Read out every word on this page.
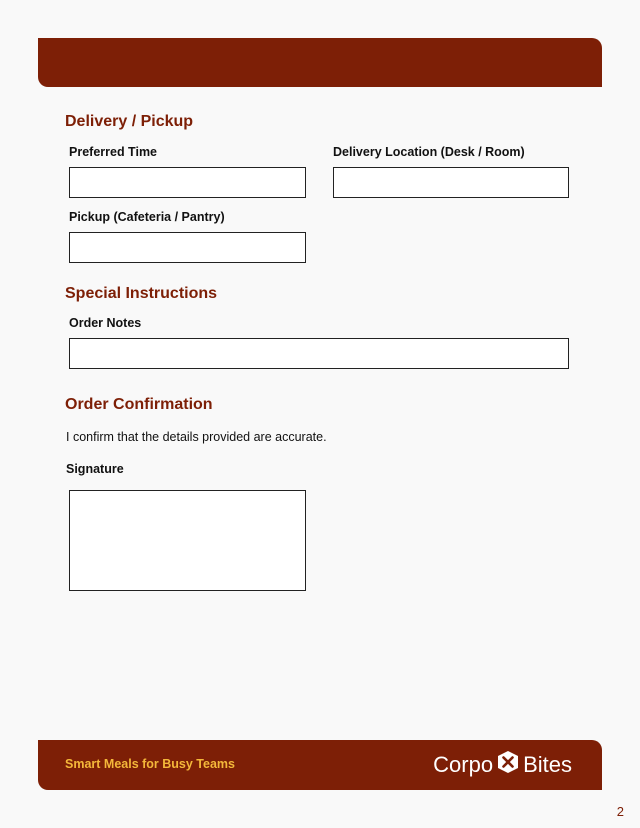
Delivery / Pickup
Preferred Time	Delivery Location (Desk / Room)
Pickup (Cafeteria / Pantry)
Special Instructions
Order Notes
Order Confirmation
I confirm that the details provided are accurate.
Signature
Smart Meals for Busy Teams	Corpo Bites
2
